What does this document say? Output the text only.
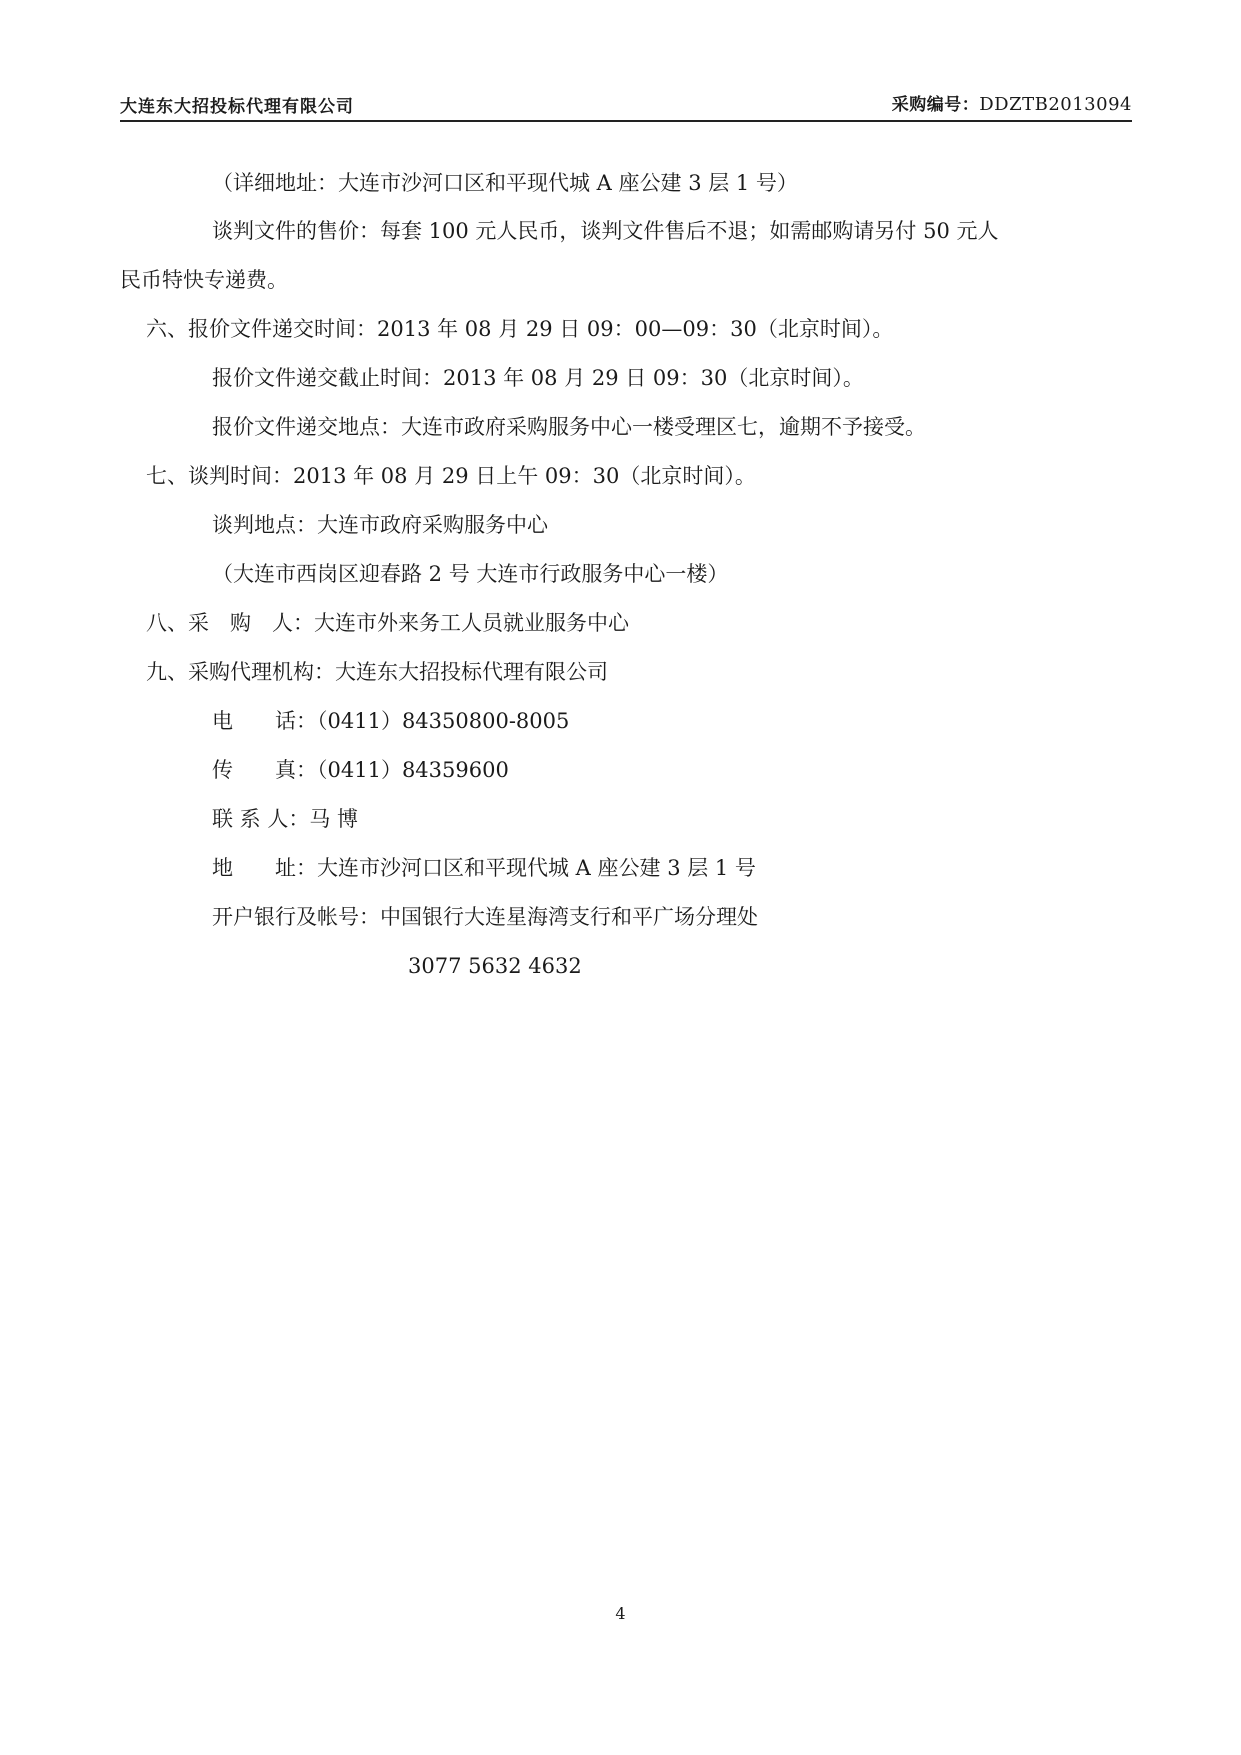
大连东大招投标代理有限公司	采购编号：DDZTB2013094
（详细地址：大连市沙河口区和平现代城 A 座公建 3 层 1 号）
谈判文件的售价：每套 100 元人民币，谈判文件售后不退；如需邮购请另付 50 元人
民币特快专递费。
六、报价文件递交时间：2013 年 08 月 29 日 09：00—09：30（北京时间）。
报价文件递交截止时间：2013 年 08 月 29 日 09：30（北京时间）。
报价文件递交地点：大连市政府采购服务中心一楼受理区七，逾期不予接受。
七、谈判时间：2013 年 08 月 29 日上午 09：30（北京时间）。
谈判地点：大连市政府采购服务中心
（大连市西岗区迎春路 2 号 大连市行政服务中心一楼）
八、采　购　人：大连市外来务工人员就业服务中心
九、采购代理机构：大连东大招投标代理有限公司
电　　话：（0411）84350800-8005
传　　真：（0411）84359600
联 系 人：马 博
地　　址：大连市沙河口区和平现代城 A 座公建 3 层 1 号
开户银行及帐号：中国银行大连星海湾支行和平广场分理处
3077 5632 4632
4
